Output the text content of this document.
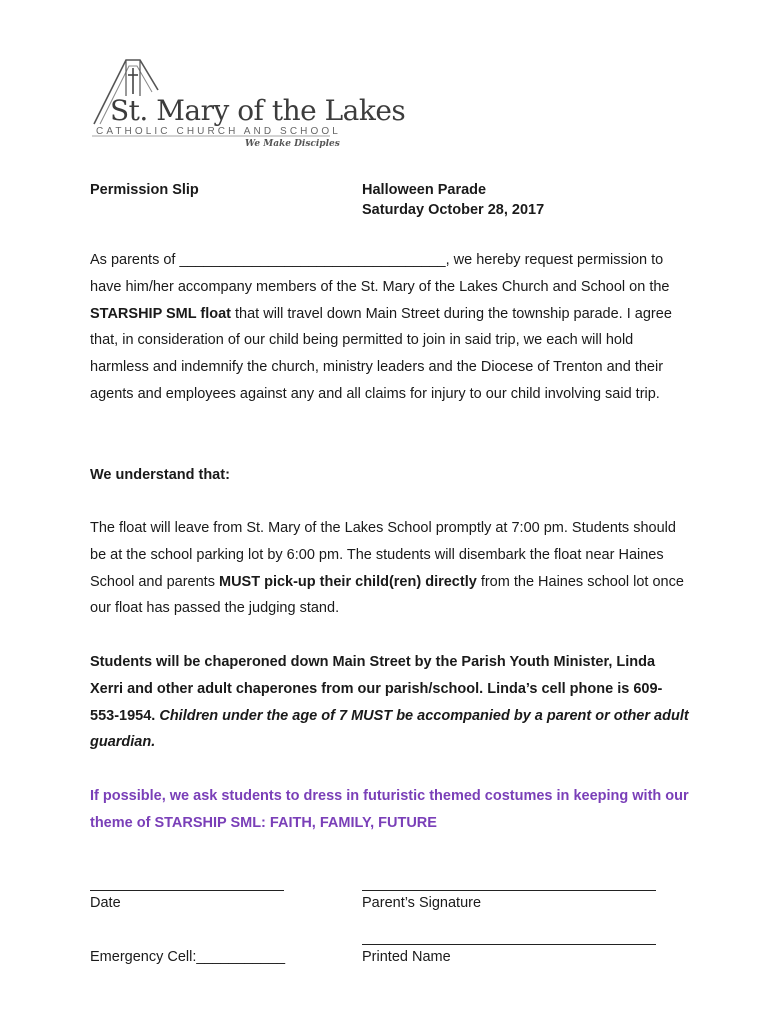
St. Mary of the Lakes

CATHOLIC CHURCH AND SCHOOL
We Make Disciples
Permission Slip	Halloween Parade
Saturday October 28, 2017

As parents of _________________________________, we hereby request permission to have him/her accompany members of the St. Mary of the Lakes Church and School on the STARSHIP SML float that will travel down Main Street during the township parade. I agree that, in consideration of our child being permitted to join in said trip, we each will hold harmless and indemnify the church, ministry leaders and the Diocese of Trenton and their agents and employees against any and all claims for injury to our child involving said trip.

We understand that:

The float will leave from St. Mary of the Lakes School promptly at 7:00 pm. Students should be at the school parking lot by 6:00 pm. The students will disembark the float near Haines School and parents MUST pick-up their child(ren) directly from the Haines school lot once our float has passed the judging stand.

Students will be chaperoned down Main Street by the Parish Youth Minister, Linda Xerri and other adult chaperones from our parish/school. Linda’s cell phone is 609-553-1954. Children under the age of 7 MUST be accompanied by a parent or other adult guardian.

If possible, we ask students to dress in futuristic themed costumes in keeping with our theme of STARSHIP SML: FAITH, FAMILY, FUTURE
Date	Parent’s Signature
Emergency Cell:___________	Printed Name
